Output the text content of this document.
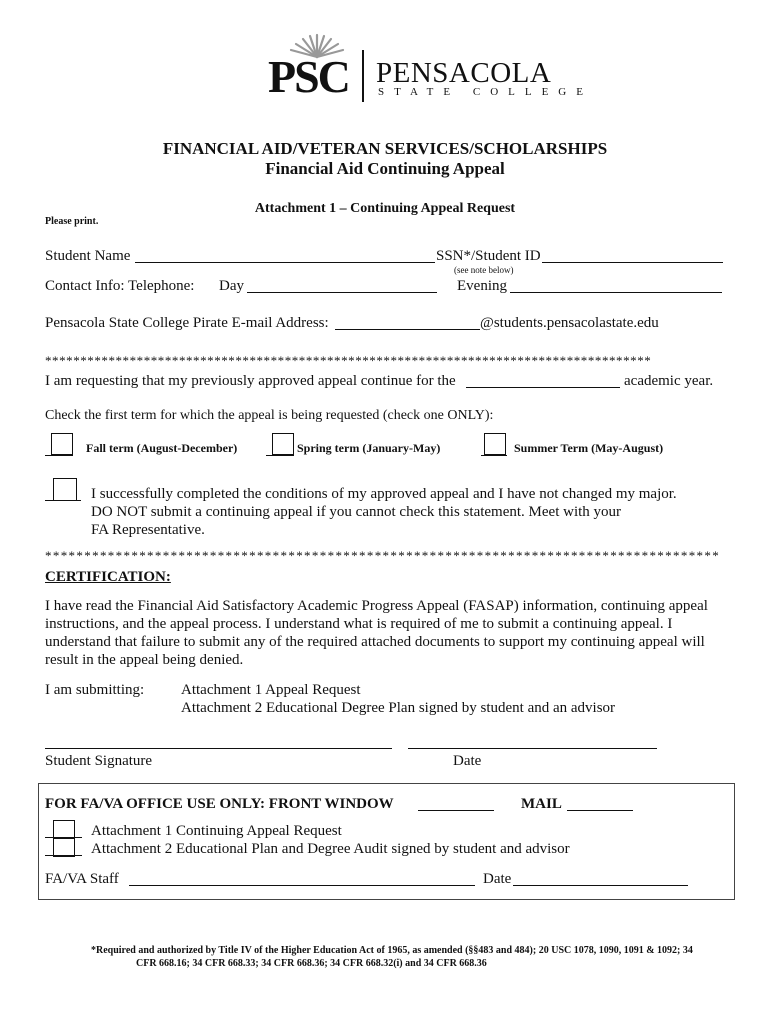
PSC PENSACOLA
STATE COLLEGE
FINANCIAL AID/VETERAN SERVICES/SCHOLARSHIPS
Financial Aid Continuing Appeal
Attachment 1 – Continuing Appeal Request
Please print.
Student Name	SSN*/Student ID
(see note below)
Contact Info: Telephone: Day	Evening
Pensacola State College Pirate E-mail Address:	@students.pensacolastate.edu
**************************************************************************************
I am requesting that my previously approved appeal continue for the	academic year.
Check the first term for which the appeal is being requested (check one ONLY):
Fall term (August-December)	Spring term (January-May)	Summer Term (May-August)
I successfully completed the conditions of my approved appeal and I have not changed my major.
DO NOT submit a continuing appeal if you cannot check this statement. Meet with your
FA Representative.
**************************************************************************************
CERTIFICATION:
I have read the Financial Aid Satisfactory Academic Progress Appeal (FASAP) information, continuing appeal
instructions, and the appeal process. I understand what is required of me to submit a continuing appeal. I
understand that failure to submit any of the required attached documents to support my continuing appeal will
result in the appeal being denied.
I am submitting: Attachment 1 Appeal Request
Attachment 2 Educational Degree Plan signed by student and an advisor
Student Signature	Date
FOR FA/VA OFFICE USE ONLY: FRONT WINDOW	MAIL
Attachment 1 Continuing Appeal Request
Attachment 2 Educational Plan and Degree Audit signed by student and advisor
FA/VA Staff	Date
*Required and authorized by Title IV of the Higher Education Act of 1965, as amended (§§483 and 484); 20 USC 1078, 1090, 1091 & 1092; 34
CFR 668.16; 34 CFR 668.33; 34 CFR 668.36; 34 CFR 668.32(i) and 34 CFR 668.36
